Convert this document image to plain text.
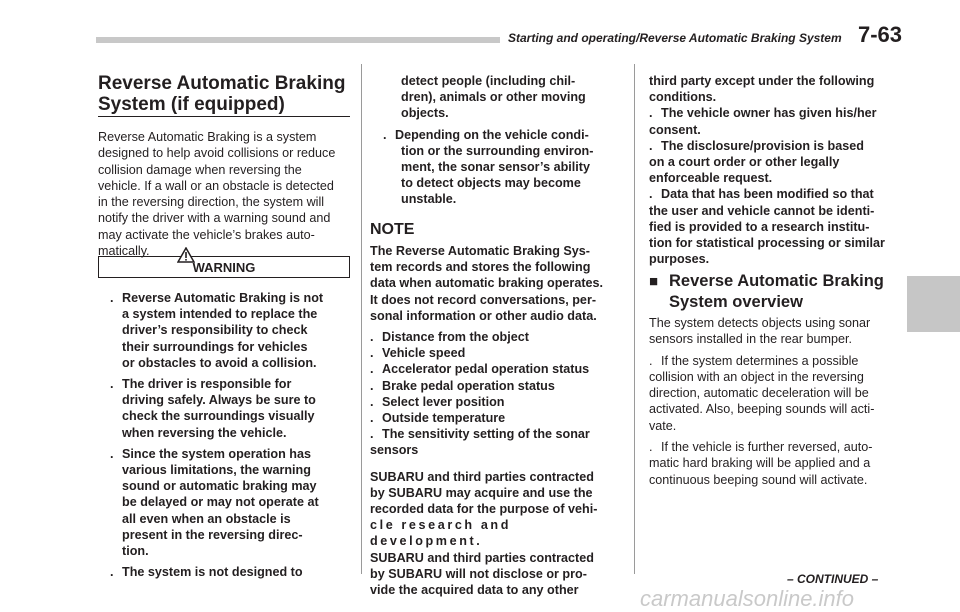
Starting and operating/Reverse Automatic Braking System 7-63
Reverse Automatic Braking
System (if equipped)

Reverse Automatic Braking is a system

designed to help avoid collisions or reduce

collision damage when reversing the

vehicle. If a wall or an obstacle is detected

in the reversing direction, the system will

notify the driver with a warning sound and

may activate the vehicle’s brakes auto-

matically.

WARNING

. Reverse Automatic Braking is not

a system intended to replace the

driver’s responsibility to check

their surroundings for vehicles

or obstacles to avoid a collision.

. The driver is responsible for

driving safely. Always be sure to

check the surroundings visually

when reversing the vehicle.

. Since the system operation has

various limitations, the warning

sound or automatic braking may

be delayed or may not operate at

all even when an obstacle is

present in the reversing direc-

tion.

. The system is not designed to

detect people (including chil-

dren), animals or other moving

objects.

. Depending on the vehicle condi-

tion or the surrounding environ-

ment, the sonar sensor’s ability

to detect objects may become

unstable.

NOTE

The Reverse Automatic Braking Sys-

tem records and stores the following

data when automatic braking operates.

It does not record conversations, per-

sonal information or other audio data.

. Distance from the object

. Vehicle speed

. Accelerator pedal operation status

. Brake pedal operation status

. Select lever position

. Outside temperature

. The sensitivity setting of the sonar

sensors

SUBARU and third parties contracted

by SUBARU may acquire and use the

recorded data for the purpose of vehi-

cle research and development.

SUBARU and third parties contracted

by SUBARU will not disclose or pro-

vide the acquired data to any other

third party except under the following

conditions.

. The vehicle owner has given his/her

consent.

. The disclosure/provision is based

on a court order or other legally

enforceable request.

. Data that has been modified so that

the user and vehicle cannot be identi-

fied is provided to a research institu-

tion for statistical processing or similar

purposes.

■ Reverse Automatic Braking
System overview

The system detects objects using sonar

sensors installed in the rear bumper.

. If the system determines a possible

collision with an object in the reversing

direction, automatic deceleration will be

activated. Also, beeping sounds will acti-

vate.

. If the vehicle is further reversed, auto-

matic hard braking will be applied and a

continuous beeping sound will activate.

– CONTINUED –
carmanualsonline.info
